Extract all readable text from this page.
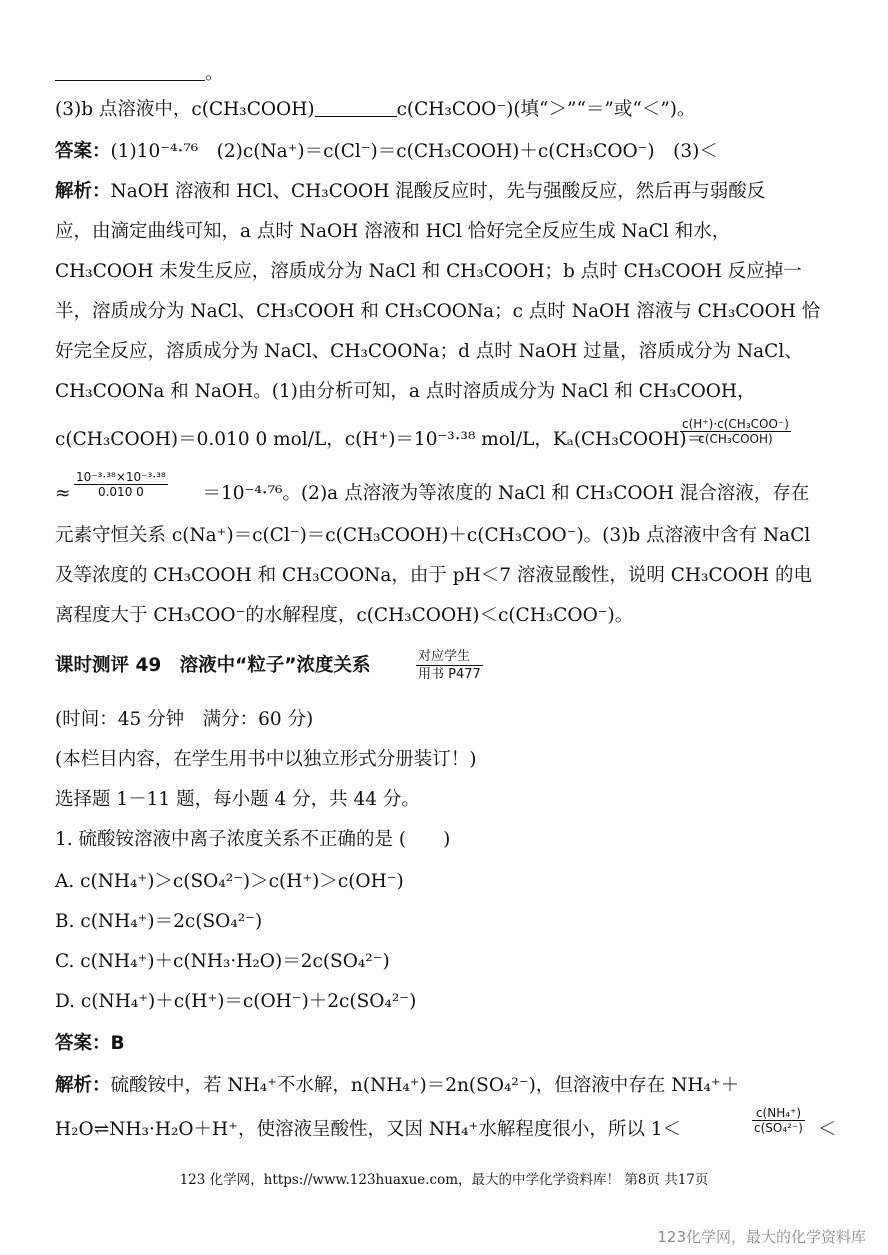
。
(3)b 点溶液中，c(CH₃COOH)	c(CH₃COO⁻)(填“＞”“＝”或“＜”)。
答案：(1)10⁻⁴·⁷⁶　(2)c(Na⁺)＝c(Cl⁻)＝c(CH₃COOH)＋c(CH₃COO⁻)　(3)＜
解析：NaOH 溶液和 HCl、CH₃COOH 混酸反应时，先与强酸反应，然后再与弱酸反
应，由滴定曲线可知，a 点时 NaOH 溶液和 HCl 恰好完全反应生成 NaCl 和水，
CH₃COOH 未发生反应，溶质成分为 NaCl 和 CH₃COOH；b 点时 CH₃COOH 反应掉一
半，溶质成分为 NaCl、CH₃COOH 和 CH₃COONa；c 点时 NaOH 溶液与 CH₃COOH 恰
好完全反应，溶质成分为 NaCl、CH₃COONa；d 点时 NaOH 过量，溶质成分为 NaCl、
CH₃COONa 和 NaOH。(1)由分析可知，a 点时溶质成分为 NaCl 和 CH₃COOH，
c(CH₃COOH)＝0.010 0 mol/L，c(H⁺)＝10⁻³·³⁸ mol/L，Kₐ(CH₃COOH)＝
c(H⁺)·c(CH₃COO⁻)
c(CH₃COOH)
≈	＝10⁻⁴·⁷⁶。(2)a 点溶液为等浓度的 NaCl 和 CH₃COOH 混合溶液，存在
$\frac{\text{10⁻³·³⁸×10⁻³·³⁸}}{0.010 0}$
元素守恒关系 c(Na⁺)＝c(Cl⁻)＝c(CH₃COOH)＋c(CH₃COO⁻)。(3)b 点溶液中含有 NaCl
及等浓度的 CH₃COOH 和 CH₃COONa，由于 pH＜7 溶液显酸性，说明 CH₃COOH 的电
离程度大于 CH₃COO⁻的水解程度，c(CH₃COOH)＜c(CH₃COO⁻)。
课时测评 49　溶液中“粒子”浓度关系	对应学生
用书 P477
(时间：45 分钟　满分：60 分)
(本栏目内容，在学生用书中以独立形式分册装订！)
选择题 1－11 题，每小题 4 分，共 44 分。
1. 硫酸铵溶液中离子浓度关系不正确的是 (　　)
A. c(NH₄⁺)＞c(SO₄²⁻)＞c(H⁺)＞c(OH⁻)
B. c(NH₄⁺)＝2c(SO₄²⁻)
C. c(NH₄⁺)＋c(NH₃·H₂O)＝2c(SO₄²⁻)
D. c(NH₄⁺)＋c(H⁺)＝c(OH⁻)＋2c(SO₄²⁻)
答案：B
解析：硫酸铵中，若 NH₄⁺不水解，n(NH₄⁺)＝2n(SO₄²⁻)，但溶液中存在 NH₄⁺＋
H₂O⇌NH₃·H₂O＋H⁺，使溶液呈酸性，又因 NH₄⁺水解程度很小，所以 1＜	$\frac{\text{c(NH₄⁺)}}{\text{c(SO₄²⁻)}}$ ＜
123 化学网，https://www.123huaxue.com，最大的中学化学资料库！ 第8页 共17页
123化学网，最大的化学资料库
